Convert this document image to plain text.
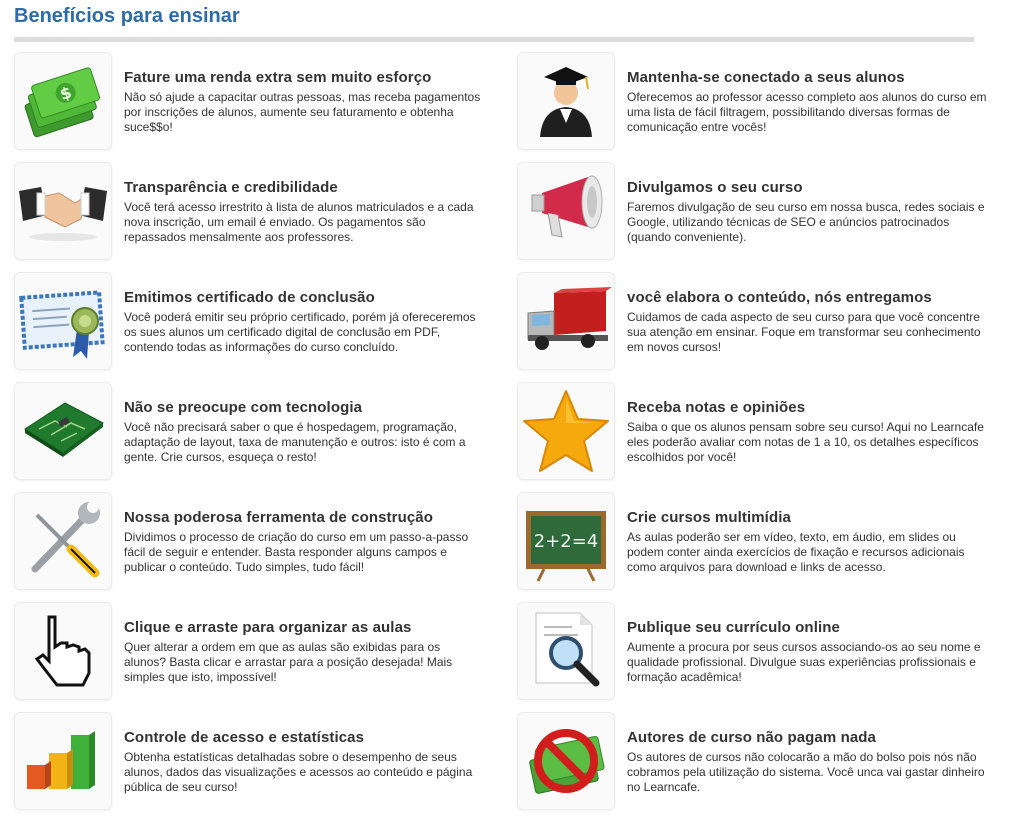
Benefícios para ensinar
$
Fature uma renda extra sem muito esforço

Não só ajude a capacitar outras pessoas, mas receba pagamentos por inscrições de alunos, aumente seu faturamento e obtenha suce$$o!

Transparência e credibilidade

Você terá acesso irrestrito à lista de alunos matriculados e a cada nova inscrição, um email é enviado. Os pagamentos são repassados mensalmente aos professores.

Emitimos certificado de conclusão

Você poderá emitir seu próprio certificado, porém já ofereceremos os sues alunos um certificado digital de conclusão em PDF, contendo todas as informações do curso concluído.

Não se preocupe com tecnologia

Você não precisará saber o que é hospedagem, programação, adaptação de layout, taxa de manutenção e outros: isto é com a gente. Crie cursos, esqueça o resto!

Nossa poderosa ferramenta de construção

Dividimos o processo de criação do curso em um passo-a-passo fácil de seguir e entender. Basta responder alguns campos e publicar o conteúdo. Tudo simples, tudo fácil!

Clique e arraste para organizar as aulas

Quer alterar a ordem em que as aulas são exibidas para os alunos? Basta clicar e arrastar para a posição desejada! Mais simples que isto, impossível!

Controle de acesso e estatísticas

Obtenha estatísticas detalhadas sobre o desempenho de seus alunos, dados das visualizações e acessos ao conteúdo e página pública de seu curso!

Mantenha-se conectado a seus alunos

Oferecemos ao professor acesso completo aos alunos do curso em uma lista de fácil filtragem, possibilitando diversas formas de comunicação entre vocês!

Divulgamos o seu curso

Faremos divulgação de seu curso em nossa busca, redes sociais e Google, utilizando técnicas de SEO e anúncios patrocinados (quando conveniente).

você elabora o conteúdo, nós entregamos

Cuidamos de cada aspecto de seu curso para que você concentre sua atenção em ensinar. Foque em transformar seu conhecimento em novos cursos!

Receba notas e opiniões

Saiba o que os alunos pensam sobre seu curso! Aqui no Learncafe eles poderão avaliar com notas de 1 a 10, os detalhes específicos escolhidos por você!

2+2=4
Crie cursos multimídia

As aulas poderão ser em vídeo, texto, em áudio, em slides ou podem conter ainda exercícios de fixação e recursos adicionais como arquivos para download e links de acesso.

Publique seu currículo online

Aumente a procura por seus cursos associando-os ao seu nome e qualidade profissional. Divulgue suas experiências profissionais e formação acadêmica!

Autores de curso não pagam nada

Os autores de cursos não colocarão a mão do bolso pois nós não cobramos pela utilização do sistema. Você unca vai gastar dinheiro no Learncafe.
